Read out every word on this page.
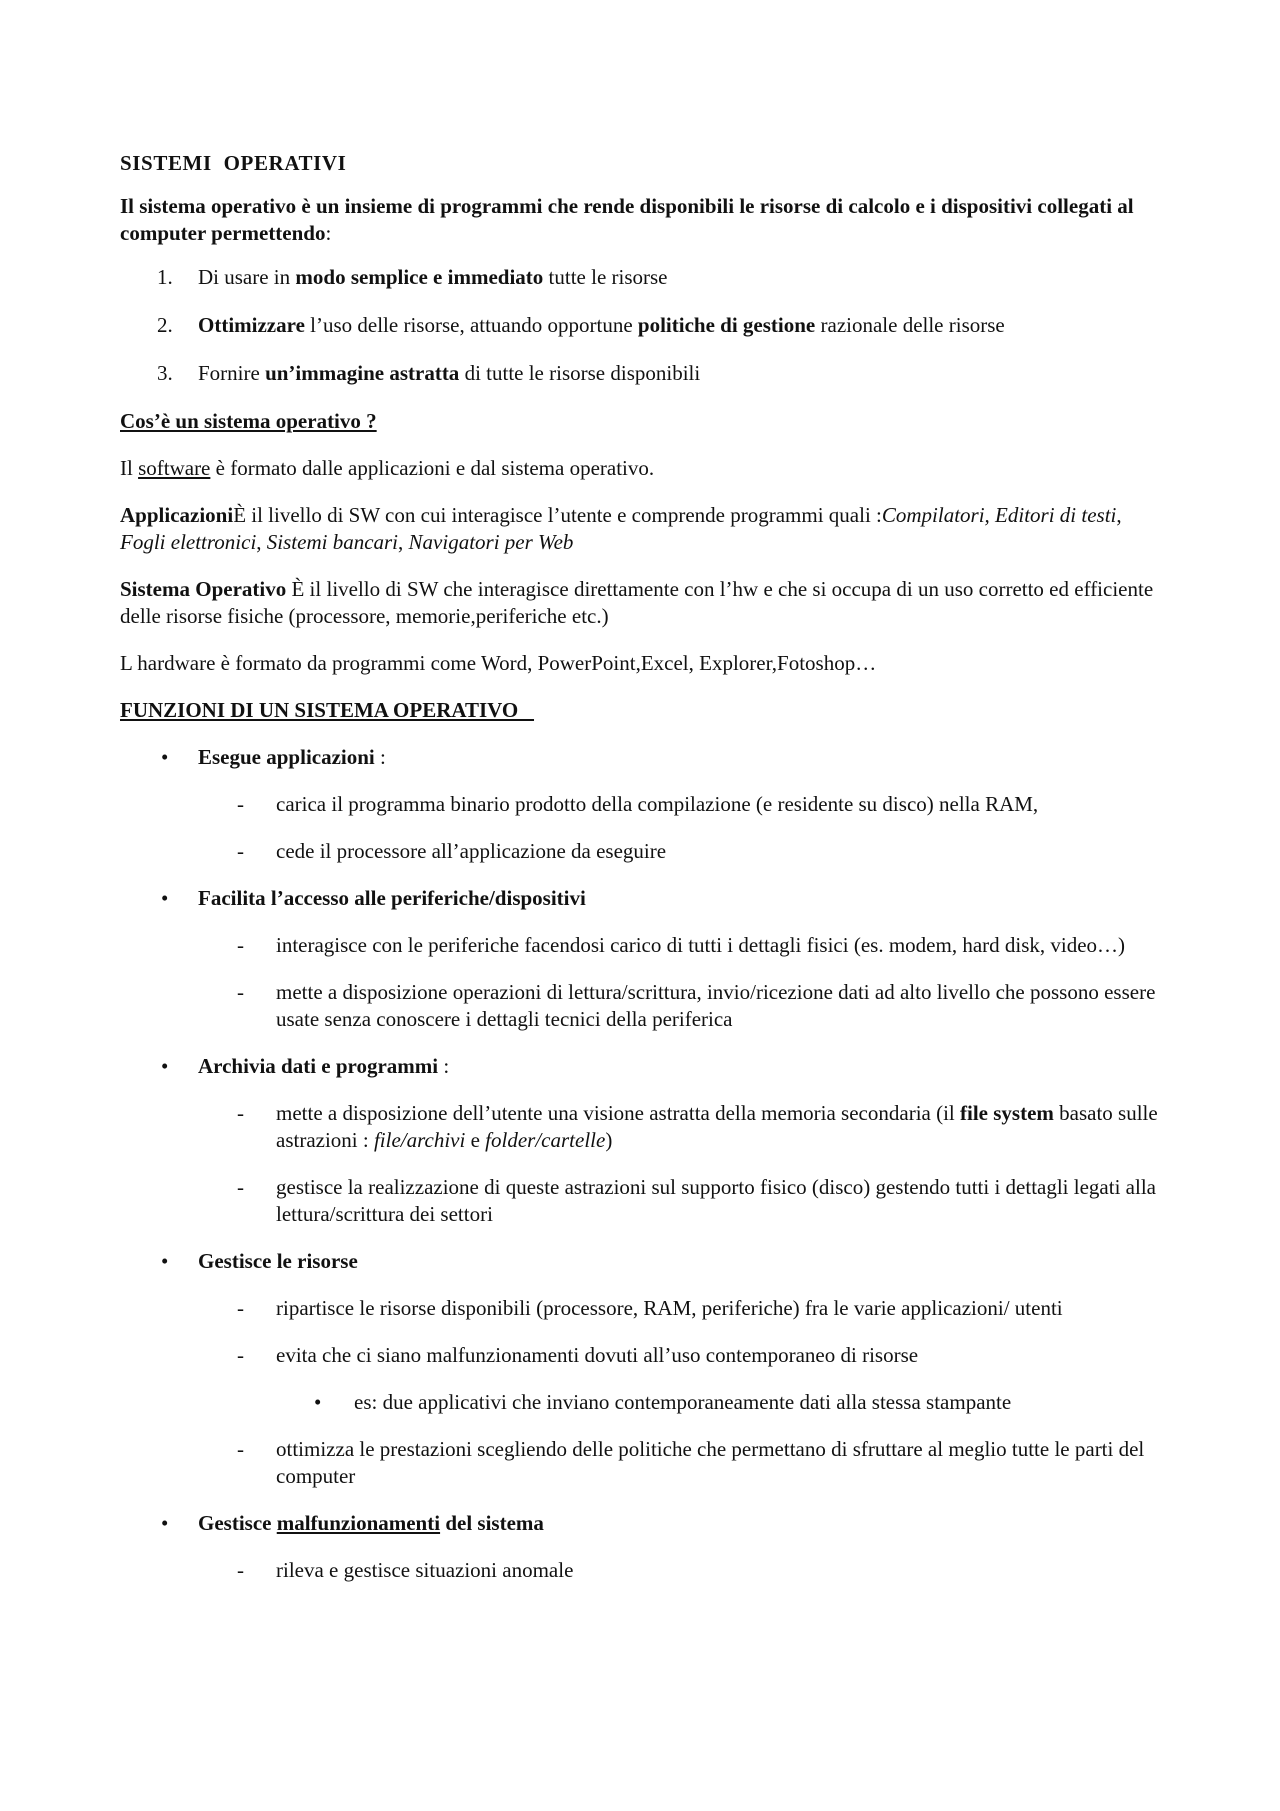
SISTEMI OPERATIVI
Il sistema operativo è un insieme di programmi che rende disponibili le risorse di calcolo e i dispositivi collegati al computer permettendo:
1. Di usare in modo semplice e immediato tutte le risorse
2. Ottimizzare l’uso delle risorse, attuando opportune politiche di gestione razionale delle risorse
3. Fornire un’immagine astratta di tutte le risorse disponibili
Cos’è un sistema operativo ?

Il software è formato dalle applicazioni e dal sistema operativo.

ApplicazioniÈ il livello di SW con cui interagisce l’utente e comprende programmi quali :Compilatori, Editori di testi, Fogli elettronici, Sistemi bancari, Navigatori per Web

Sistema Operativo È il livello di SW che interagisce direttamente con l’hw e che si occupa di un uso corretto ed efficiente delle risorse fisiche (processore, memorie,periferiche etc.)

L hardware è formato da programmi come Word, PowerPoint,Excel, Explorer,Fotoshop…

FUNZIONI DI UN SISTEMA OPERATIVO
• Esegue applicazioni :
- carica il programma binario prodotto della compilazione (e residente su disco) nella RAM,
- cede il processore all’applicazione da eseguire
• Facilita l’accesso alle periferiche/dispositivi
- interagisce con le periferiche facendosi carico di tutti i dettagli fisici (es. modem, hard disk, video…)
- mette a disposizione operazioni di lettura/scrittura, invio/ricezione dati ad alto livello che possono essere usate senza conoscere i dettagli tecnici della periferica
• Archivia dati e programmi :
- mette a disposizione dell’utente una visione astratta della memoria secondaria (il file system basato sulle astrazioni : file/archivi e folder/cartelle)
- gestisce la realizzazione di queste astrazioni sul supporto fisico (disco) gestendo tutti i dettagli legati alla lettura/scrittura dei settori
• Gestisce le risorse
- ripartisce le risorse disponibili (processore, RAM, periferiche) fra le varie applicazioni/ utenti
- evita che ci siano malfunzionamenti dovuti all’uso contemporaneo di risorse
• es: due applicativi che inviano contemporaneamente dati alla stessa stampante
- ottimizza le prestazioni scegliendo delle politiche che permettano di sfruttare al meglio tutte le parti del computer
• Gestisce malfunzionamenti del sistema
- rileva e gestisce situazioni anomale
